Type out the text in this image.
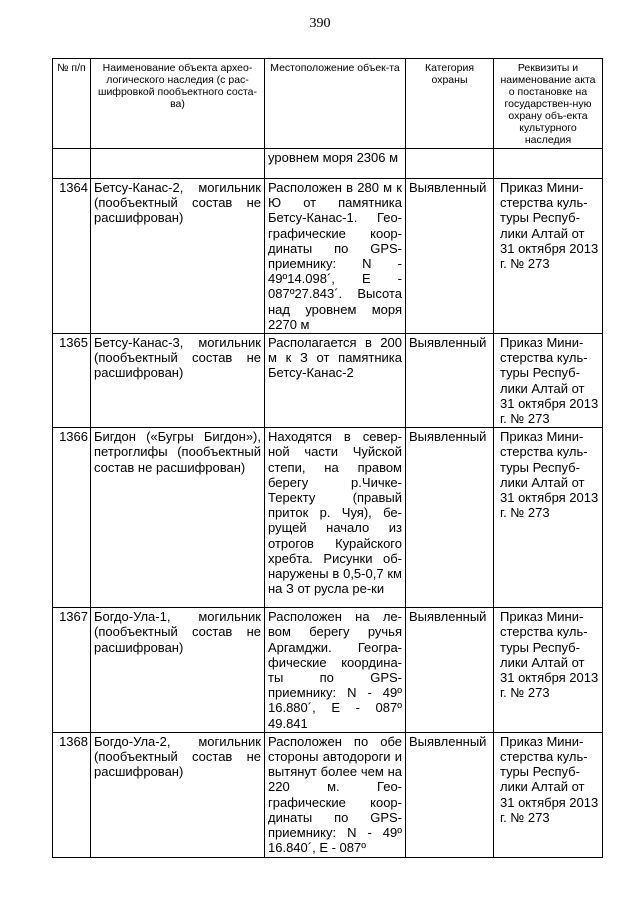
390
№ п/п	Наименование объекта архео-логического наследия (с рас-шифровкой пообъектного соста-ва)	Местоположение объек-та	Категория охраны	Реквизиты и наименование акта о постановке на государствен-ную охрану объ-екта культурного наследия
		уровнем моря 2306 м		
1364	Бетсу-Канас-2, могильник (пообъектный состав не расшифрован)	Расположен в 280 м к Ю от памятника Бетсу-Канас-1. Гео-графические коор-динаты по GPS-приемнику: N - 49º14.098´, E - 087º27.843´. Высота над уровнем моря 2270 м	Выявленный	Приказ Мини-стерства куль-туры Респуб-лики Алтай от 31 октября 2013 г. № 273
1365	Бетсу-Канас-3, могильник (пообъектный состав не расшифрован)	Располагается в 200 м к З от памятника Бетсу-Канас-2	Выявленный	Приказ Мини-стерства куль-туры Респуб-лики Алтай от 31 октября 2013 г. № 273
1366	Бигдон («Бугры Бигдон»), петроглифы (пообъектный состав не расшифрован)	Находятся в север-ной части Чуйской степи, на правом берегу р.Чичке-Теректу (правый приток р. Чуя), бе-рущей начало из отрогов Курайского хребта. Рисунки об-наружены в 0,5-0,7 км на З от русла ре-ки	Выявленный	Приказ Мини-стерства куль-туры Респуб-лики Алтай от 31 октября 2013 г. № 273
1367	Богдо-Ула-1, могильник (пообъектный состав не расшифрован)	Расположен на ле-вом берегу ручья Аргамджи. Геогра-фические координа-ты по GPS-приемнику: N - 49º 16.880´, E - 087º 49.841	Выявленный	Приказ Мини-стерства куль-туры Респуб-лики Алтай от 31 октября 2013 г. № 273
1368	Богдо-Ула-2, могильник (пообъектный состав не расшифрован)	Расположен по обе стороны автодороги и вытянут более чем на 220 м. Гео-графические коор-динаты по GPS-приемнику: N - 49º 16.840´, E - 087º	Выявленный	Приказ Мини-стерства куль-туры Респуб-лики Алтай от 31 октября 2013 г. № 273
